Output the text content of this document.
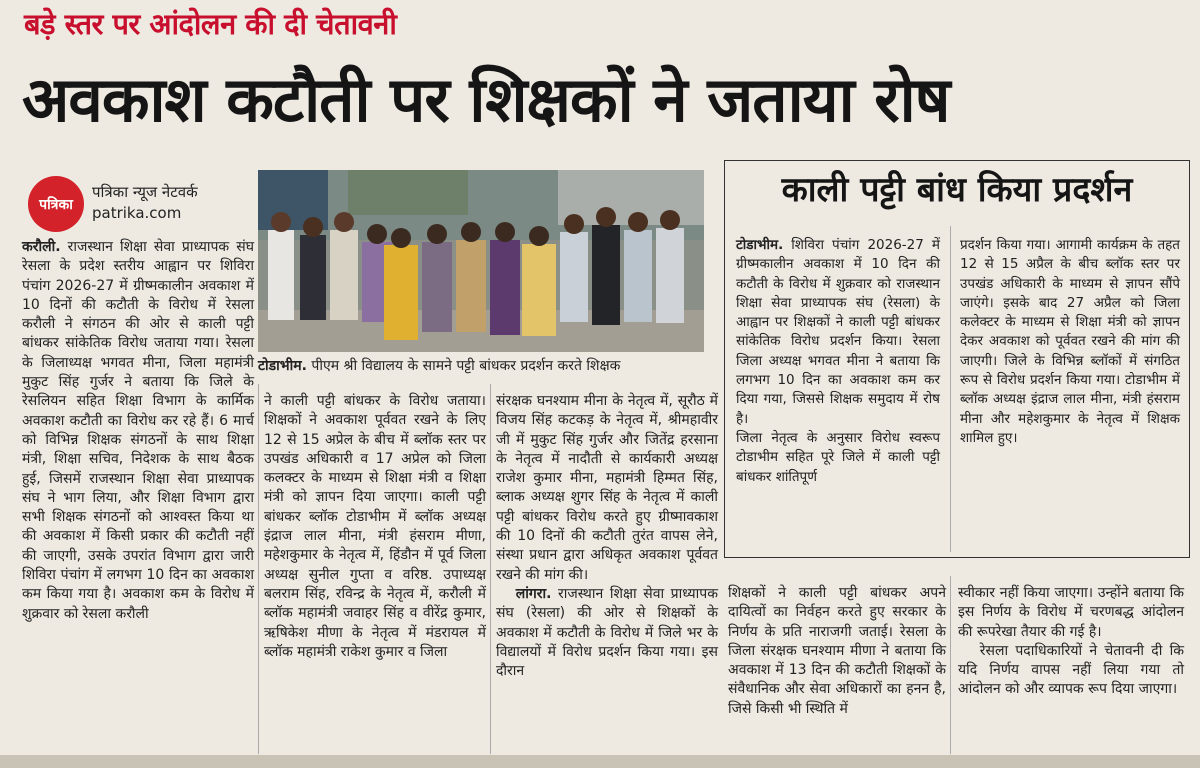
बड़े स्तर पर आंदोलन की दी चेतावनी
अवकाश कटौती पर शिक्षकों ने जताया रोष
पत्रिका
पत्रिका न्यूज नेटवर्क
patrika.com
टोडाभीम. पीएम श्री विद्यालय के सामने पट्टी बांधकर प्रदर्शन करते शिक्षक
करौली. राजस्थान शिक्षा सेवा प्राध्यापक संघ रेसला के प्रदेश स्तरीय आह्वान पर शिविरा पंचांग 2026-27 में ग्रीष्मकालीन अवकाश में 10 दिनों की कटौती के विरोध में रेसला करौली ने संगठन की ओर से काली पट्टी बांधकर सांकेतिक विरोध जताया गया। रेसला के जिलाध्यक्ष भगवत मीना, जिला महामंत्री मुकुट सिंह गुर्जर ने बताया कि जिले के रेसलियन सहित शिक्षा विभाग के कार्मिक अवकाश कटौती का विरोध कर रहे हैं। 6 मार्च को विभिन्न शिक्षक संगठनों के साथ शिक्षा मंत्री, शिक्षा सचिव, निदेशक के साथ बैठक हुई, जिसमें राजस्थान शिक्षा सेवा प्राध्यापक संघ ने भाग लिया, और शिक्षा विभाग द्वारा सभी शिक्षक संगठनों को आश्वस्त किया था की अवकाश में किसी प्रकार की कटौती नहीं की जाएगी, उसके उपरांत विभाग द्वारा जारी शिविरा पंचांग में लगभग 10 दिन का अवकाश कम किया गया है। अवकाश कम के विरोध में शुक्रवार को रेसला करौली
ने काली पट्टी बांधकर के विरोध जताया। शिक्षकों ने अवकाश पूर्ववत रखने के लिए 12 से 15 अप्रेल के बीच में ब्लॉक स्तर पर उपखंड अधिकारी व 17 अप्रेल को जिला कलक्टर के माध्यम से शिक्षा मंत्री व शिक्षा मंत्री को ज्ञापन दिया जाएगा। काली पट्टी बांधकर ब्लॉक टोडाभीम में ब्लॉक अध्यक्ष इंद्राज लाल मीना, मंत्री हंसराम मीणा, महेशकुमार के नेतृत्व में, हिंडौन में पूर्व जिला अध्यक्ष सुनील गुप्ता व वरिष्ठ. उपाध्यक्ष बलराम सिंह, रविन्द्र के नेतृत्व में, करौली में ब्लॉक महामंत्री जवाहर सिंह व वीरेंद्र कुमार, ऋषिकेश मीणा के नेतृत्व में मंडरायल में ब्लॉक महामंत्री राकेश कुमार व जिला
संरक्षक घनश्याम मीना के नेतृत्व में, सूरौठ में विजय सिंह कटकड़ के नेतृत्व में, श्रीमहावीर जी में मुकुट सिंह गुर्जर और जितेंद्र हरसाना के नेतृत्व में नादौती से कार्यकारी अध्यक्ष राजेश कुमार मीना, महामंत्री हिम्मत सिंह, ब्लाक अध्यक्ष शुगर सिंह के नेतृत्व में काली पट्टी बांधकर विरोध करते हुए ग्रीष्मावकाश की 10 दिनों की कटौती तुरंत वापस लेने, संस्था प्रधान द्वारा अधिकृत अवकाश पूर्ववत रखने की मांग की।
लांगरा. राजस्थान शिक्षा सेवा प्राध्यापक संघ (रेसला) की ओर से शिक्षकों के अवकाश में कटौती के विरोध में जिले भर के विद्यालयों में विरोध प्रदर्शन किया गया। इस दौरान
काली पट्टी बांध किया प्रदर्शन
टोडाभीम. शिविरा पंचांग 2026-27 में ग्रीष्मकालीन अवकाश में 10 दिन की कटौती के विरोध में शुक्रवार को राजस्थान शिक्षा सेवा प्राध्यापक संघ (रेसला) के आह्वान पर शिक्षकों ने काली पट्टी बांधकर सांकेतिक विरोध प्रदर्शन किया। रेसला जिला अध्यक्ष भगवत मीना ने बताया कि लगभग 10 दिन का अवकाश कम कर दिया गया, जिससे शिक्षक समुदाय में रोष है।
जिला नेतृत्व के अनुसार विरोध स्वरूप टोडाभीम सहित पूरे जिले में काली पट्टी बांधकर शांतिपूर्ण
प्रदर्शन किया गया। आगामी कार्यक्रम के तहत 12 से 15 अप्रैल के बीच ब्लॉक स्तर पर उपखंड अधिकारी के माध्यम से ज्ञापन सौंपे जाएंगे। इसके बाद 27 अप्रैल को जिला कलेक्टर के माध्यम से शिक्षा मंत्री को ज्ञापन देकर अवकाश को पूर्ववत रखने की मांग की जाएगी। जिले के विभिन्न ब्लॉकों में संगठित रूप से विरोध प्रदर्शन किया गया। टोडाभीम में ब्लॉक अध्यक्ष इंद्राज लाल मीना, मंत्री हंसराम मीना और महेशकुमार के नेतृत्व में शिक्षक शामिल हुए।
शिक्षकों ने काली पट्टी बांधकर अपने दायित्वों का निर्वहन करते हुए सरकार के निर्णय के प्रति नाराजगी जताई। रेसला के जिला संरक्षक घनश्याम मीणा ने बताया कि अवकाश में 13 दिन की कटौती शिक्षकों के संवैधानिक और सेवा अधिकारों का हनन है, जिसे किसी भी स्थिति में
स्वीकार नहीं किया जाएगा। उन्होंने बताया कि इस निर्णय के विरोध में चरणबद्ध आंदोलन की रूपरेखा तैयार की गई है।
रेसला पदाधिकारियों ने चेतावनी दी कि यदि निर्णय वापस नहीं लिया गया तो आंदोलन को और व्यापक रूप दिया जाएगा।
